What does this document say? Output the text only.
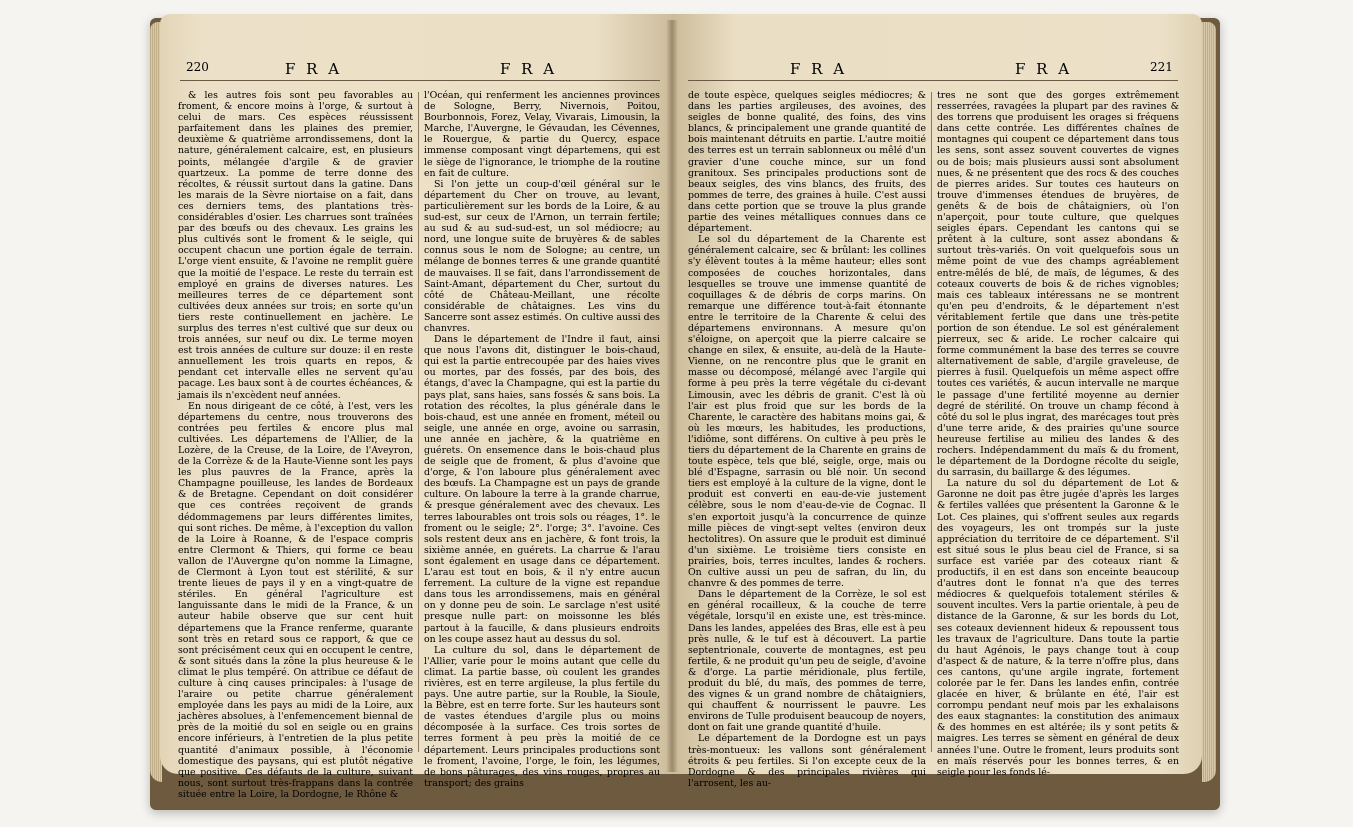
220	F R A	F R A

& les autres fois sont peu favorables au froment, & encore moins à l'orge, & surtout à celui de mars. Ces espèces réussissent parfaitement dans les plaines des premier, deuxième & quatrième arrondissemens, dont la nature, généralement calcaire, est, en plusieurs points, mélangée d'argile & de gravier quartzeux. La pomme de terre donne des récoltes, & réussit surtout dans la gatine. Dans les marais de la Sèvre niortaise on a fait, dans ces derniers tems, des plantations très-considérables d'osier. Les charrues sont traînées par des bœufs ou des chevaux. Les grains les plus cultivés sont le froment & le seigle, qui occupent chacun une portion égale de terrain. L'orge vient ensuite, & l'avoine ne remplit guère que la moitié de l'espace. Le reste du terrain est employé en grains de diverses natures. Les meilleures terres de ce département sont cultivées deux années sur trois; en sorte qu'un tiers reste continuellement en jachère. Le surplus des terres n'est cultivé que sur deux ou trois années, sur neuf ou dix. Le terme moyen est trois années de culture sur douze: il en reste annuellement les trois quarts en repos, & pendant cet intervalle elles ne servent qu'au pacage. Les baux sont à de courtes échéances, & jamais ils n'excèdent neuf années.

En nous dirigeant de ce côté, à l'est, vers les départemens du centre, nous trouverons des contrées peu fertiles & encore plus mal cultivées. Les départemens de l'Allier, de la Lozère, de la Creuse, de la Loire, de l'Aveyron, de la Corrèze & de la Haute-Vienne sont les pays les plus pauvres de la France, après la Champagne pouilleuse, les landes de Bordeaux & de Bretagne. Cependant on doit considérer que ces contrées reçoivent de grands dédommagemens par leurs différentes limites, qui sont riches. De même, à l'exception du vallon de la Loire à Roanne, & de l'espace compris entre Clermont & Thiers, qui forme ce beau vallon de l'Auvergne qu'on nomme la Limagne, de Clermont à Lyon tout est stérilité, & sur trente lieues de pays il y en a vingt-quatre de stériles. En général l'agriculture est languissante dans le midi de la France, & un auteur habile observe que sur cent huit départemens que la France renferme, quarante sont très en retard sous ce rapport, & que ce sont précisément ceux qui en occupent le centre, & sont situés dans la zône la plus heureuse & le climat le plus tempéré. On attribue ce défaut de culture à cinq causes principales: à l'usage de l'araire ou petite charrue généralement employée dans les pays au midi de la Loire, aux jachères absolues, à l'enfemencement biennal de près de la moitié du sol en seigle ou en grains encore inférieurs, à l'entretien de la plus petite quantité d'animaux possible, à l'économie domestique des paysans, qui est plutôt négative que positive. Ces défauts de la culture, suivant nous, sont surtout très-frappans dans la contrée située entre la Loire, la Dordogne, le Rhône &

l'Océan, qui renferment les anciennes provinces de Sologne, Berry, Nivernois, Poitou, Bourbonnois, Forez, Velay, Vivarais, Limousin, la Marche, l'Auvergne, le Gévaudan, les Cévennes, le Rouergue, & partie du Quercy, espace immense composant vingt départemens, qui est le siège de l'ignorance, le triomphe de la routine en fait de culture.

Si l'on jette un coup-d'œil général sur le département du Cher on trouve, au levant, particulièrement sur les bords de la Loire, & au sud-est, sur ceux de l'Arnon, un terrain fertile; au sud & au sud-sud-est, un sol médiocre; au nord, une longue suite de bruyères & de sables connus sous le nom de Sologne; au centre, un mélange de bonnes terres & une grande quantité de mauvaises. Il se fait, dans l'arrondissement de Saint-Amant, département du Cher, surtout du côté de Château-Meillant, une récolte considérable de châtaignes. Les vins du Sancerre sont assez estimés. On cultive aussi des chanvres.

Dans le département de l'Indre il faut, ainsi que nous l'avons dit, distinguer le bois-chaud, qui est la partie entrecoupée par des haies vives ou mortes, par des fossés, par des bois, des étangs, d'avec la Champagne, qui est la partie du pays plat, sans haies, sans fossés & sans bois. La rotation des récoltes, la plus générale dans le bois-chaud, est une année en froment, méteil ou seigle, une année en orge, avoine ou sarrasin, une année en jachère, & la quatrième en guérets. On ensemence dans le bois-chaud plus de seigle que de froment, & plus d'avoine que d'orge, & l'on laboure plus généralement avec des bœufs. La Champagne est un pays de grande culture. On laboure la terre à la grande charrue, & presque généralement avec des chevaux. Les terres labourables ont trois sols ou réages, 1°. le froment ou le seigle; 2°. l'orge; 3°. l'avoine. Ces sols restent deux ans en jachère, & font trois, la sixième année, en guérets. La charrue & l'arau sont également en usage dans ce département. L'arau est tout en bois, & il n'y entre aucun ferrement. La culture de la vigne est repandue dans tous les arrondissemens, mais en général on y donne peu de soin. Le sarclage n'est usité presque nulle part: on moissonne les blés partout à la faucille, & dans plusieurs endroits on les coupe assez haut au dessus du sol.

La culture du sol, dans le département de l'Allier, varie pour le moins autant que celle du climat. La partie basse, où coulent les grandes rivières, est en terre argileuse, la plus fertile du pays. Une autre partie, sur la Rouble, la Sioule, la Bèbre, est en terre forte. Sur les hauteurs sont de vastes étendues d'argile plus ou moins décomposée à la surface. Ces trois sortes de terres forment à peu près la moitié de ce département. Leurs principales productions sont le froment, l'avoine, l'orge, le foin, les légumes, de bons pâturages, des vins rouges, propres au transport; des grains

F R A	F R A	221

de toute espèce, quelques seigles médiocres; & dans les parties argileuses, des avoines, des seigles de bonne qualité, des foins, des vins blancs, & principalement une grande quantité de bois maintenant détruits en partie. L'autre moitié des terres est un terrain sablonneux ou mêlé d'un gravier d'une couche mince, sur un fond granitoux. Ses principales productions sont de beaux seigles, des vins blancs, des fruits, des pommes de terre, des graines à huile. C'est aussi dans cette portion que se trouve la plus grande partie des veines métalliques connues dans ce département.

Le sol du département de la Charente est généralement calcaire, sec & brûlant: les collines s'y élèvent toutes à la même hauteur; elles sont composées de couches horizontales, dans lesquelles se trouve une immense quantité de coquillages & de débris de corps marins. On remarque une différence tout-à-fait étonnante entre le territoire de la Charente & celui des départemens environnans. A mesure qu'on s'éloigne, on aperçoit que la pierre calcaire se change en silex, & ensuite, au-delà de la Haute-Vienne, on ne rencontre plus que le granit en masse ou décomposé, mélangé avec l'argile qui forme à peu près la terre végétale du ci-devant Limousin, avec les débris de granit. C'est là où l'air est plus froid que sur les bords de la Charente, le caractère des habitans moins gai, & où les mœurs, les habitudes, les productions, l'idiôme, sont différens. On cultive à peu près le tiers du département de la Charente en grains de toute espèce, tels que blé, seigle, orge, mais ou blé d'Espagne, sarrasin ou blé noir. Un second tiers est employé à la culture de la vigne, dont le produit est converti en eau-de-vie justement célèbre, sous le nom d'eau-de-vie de Cognac. Il s'en exportoit jusqu'à la concurrence de quinze mille pièces de vingt-sept veltes (environ deux hectolitres). On assure que le produit est diminué d'un sixième. Le troisième tiers consiste en prairies, bois, terres incultes, landes & rochers. On cultive aussi un peu de safran, du lin, du chanvre & des pommes de terre.

Dans le département de la Corrèze, le sol est en général rocailleux, & la couche de terre végétale, lorsqu'il en existe une, est très-mince. Dans les landes, appelées des Bras, elle est à peu près nulle, & le tuf est à découvert. La partie septentrionale, couverte de montagnes, est peu fertile, & ne produit qu'un peu de seigle, d'avoine & d'orge. La partie méridionale, plus fertile, produit du blé, du maïs, des pommes de terre, des vignes & un grand nombre de châtaigniers, qui chauffent & nourrissent le pauvre. Les environs de Tulle produisent beaucoup de noyers, dont on fait une grande quantité d'huile.

Le département de la Dordogne est un pays très-montueux: les vallons sont généralement étroits & peu fertiles. Si l'on excepte ceux de la Dordogne & des principales rivières qui l'arrosent, les au-

tres ne sont que des gorges extrêmement resserrées, ravagées la plupart par des ravines & des torrens que produisent les orages si fréquens dans cette contrée. Les différentes chaînes de montagnes qui coupent ce département dans tous les sens, sont assez souvent couvertes de vignes ou de bois; mais plusieurs aussi sont absolument nues, & ne présentent que des rocs & des couches de pierres arides. Sur toutes ces hauteurs on trouve d'immenses étendues de bruyères, de genêts & de bois de châtaigniers, où l'on n'aperçoit, pour toute culture, que quelques seigles épars. Cependant les cantons qui se prêtent à la culture, sont assez abondans & surtout très-variés. On voit quelquefois sous un même point de vue des champs agréablement entre-mêlés de blé, de maïs, de légumes, & des coteaux couverts de bois & de riches vignobles; mais ces tableaux intéressans ne se montrent qu'en peu d'endroits, & le département n'est véritablement fertile que dans une très-petite portion de son étendue. Le sol est généralement pierreux, sec & aride. Le rocher calcaire qui forme communément la base des terres se couvre alternativement de sable, d'argile graveleuse, de pierres à fusil. Quelquefois un même aspect offre toutes ces variétés, & aucun intervalle ne marque le passage d'une fertilité moyenne au dernier degré de stérilité. On trouve un champ fécond à côté du sol le plus ingrat, des marécages tout près d'une terre aride, & des prairies qu'une source heureuse fertilise au milieu des landes & des rochers. Indépendamment du maïs & du froment, le département de la Dordogne récolte du seigle, du sarrasin, du baillarge & des légumes.

La nature du sol du département de Lot & Garonne ne doit pas être jugée d'après les larges & fertiles vallées que présentent la Garonne & le Lot. Ces plaines, qui s'offrent seules aux regards des voyageurs, les ont trompés sur la juste appréciation du territoire de ce département. S'il est situé sous le plus beau ciel de France, si sa surface est variée par des coteaux riant & productifs, il en est dans son enceinte beaucoup d'autres dont le fonnat n'a que des terres médiocres & quelquefois totalement stériles & souvent incultes. Vers la partie orientale, à peu de distance de la Garonne, & sur les bords du Lot, ses coteaux deviennent hideux & repoussent tous les travaux de l'agriculture. Dans toute la partie du haut Agénois, le pays change tout à coup d'aspect & de nature, & la terre n'offre plus, dans ces cantons, qu'une argile ingrate, fortement colorée par le fer. Dans les landes enfin, contrée glacée en hiver, & brûlante en été, l'air est corrompu pendant neuf mois par les exhalaisons des eaux stagnantes: la constitution des animaux & des hommes en est altérée; ils y sont petits & maigres. Les terres se sèment en général de deux années l'une. Outre le froment, leurs produits sont en maïs réservés pour les bonnes terres, & en seigle pour les fonds lé-
